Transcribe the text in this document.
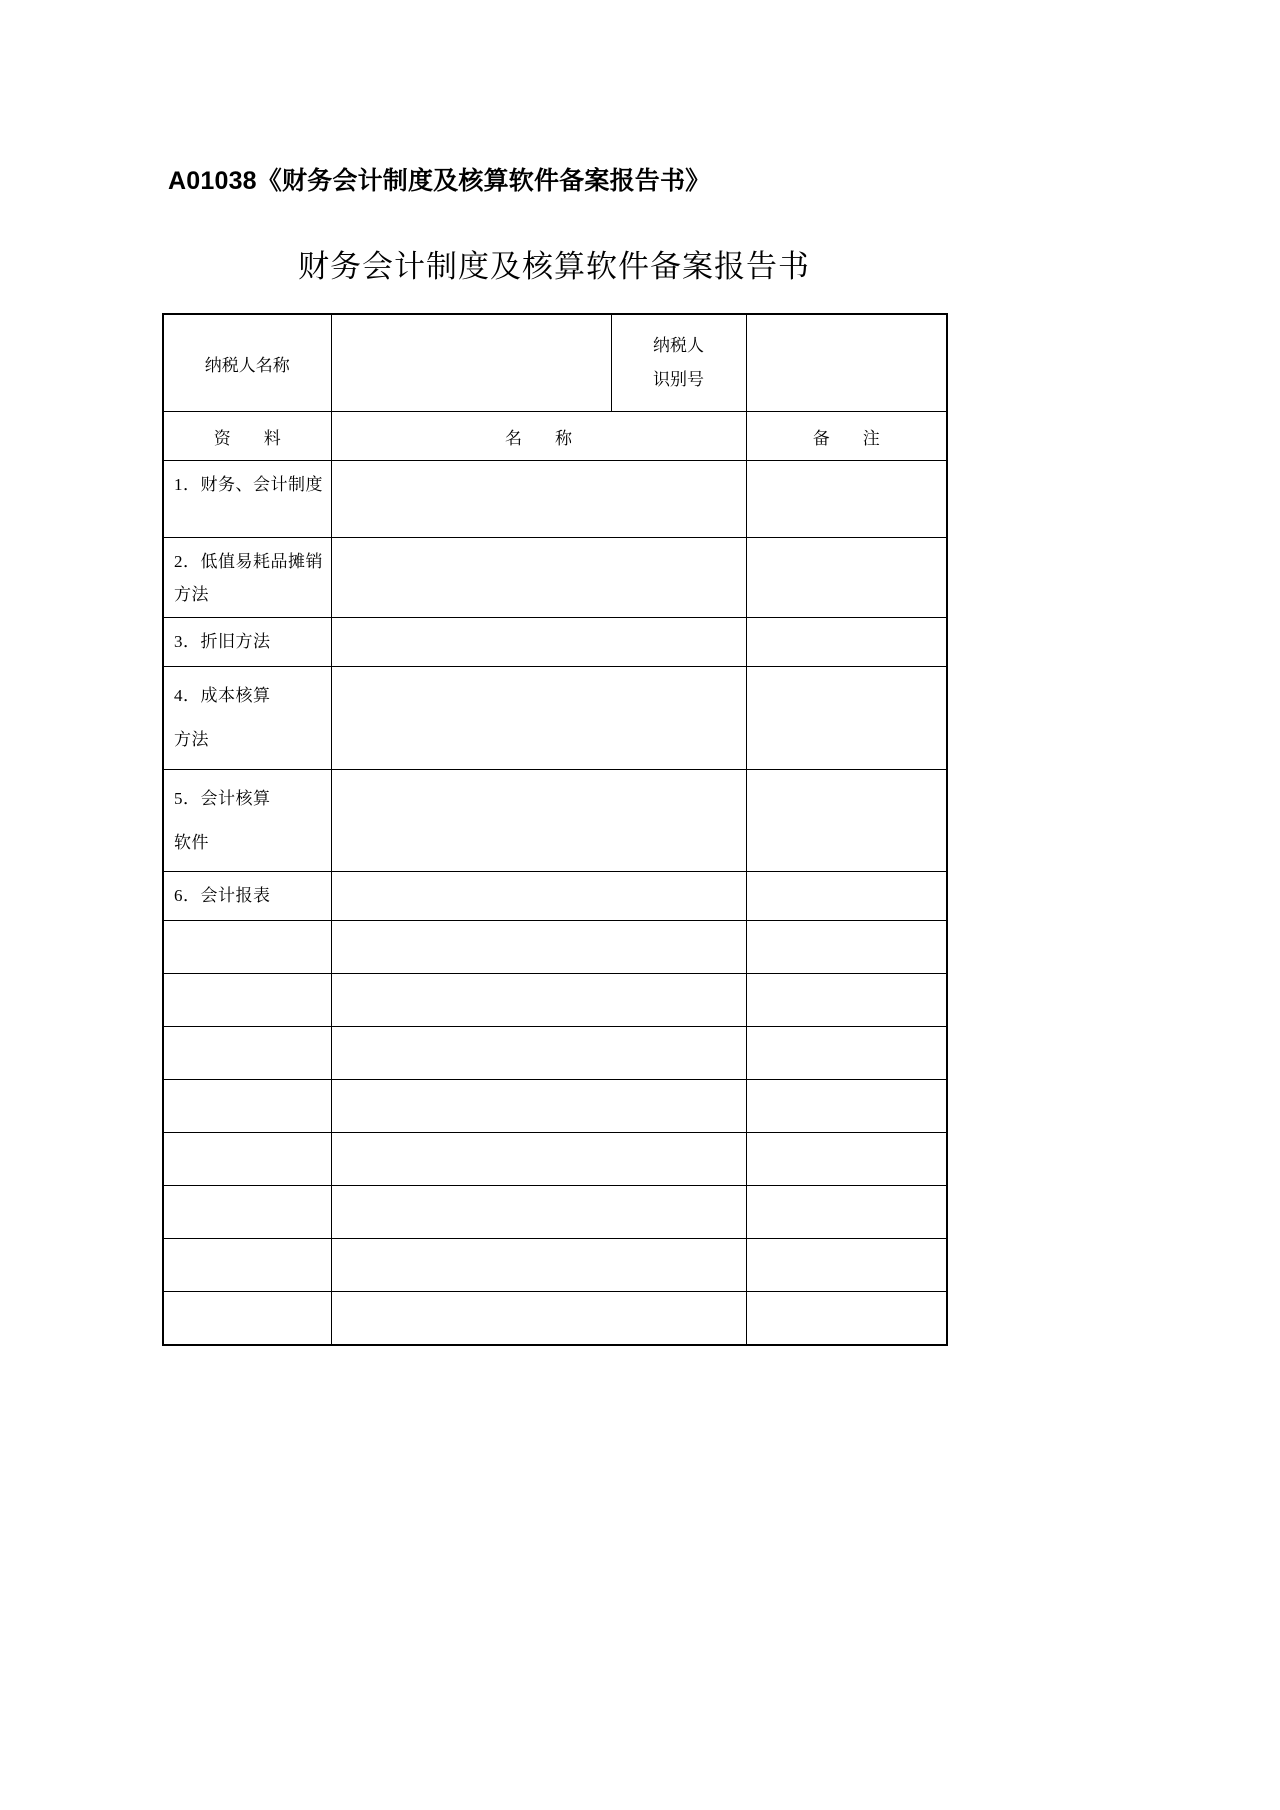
A01038《财务会计制度及核算软件备案报告书》
财务会计制度及核算软件备案报告书
纳税人名称		纳税人
识别号	

资　料	名　称		备　注

1．财务、会计制度			

2．低值易耗品摊销方法			

3．折旧方法			

4．成本核算
方法			

5．会计核算
软件			

6．会计报表			
